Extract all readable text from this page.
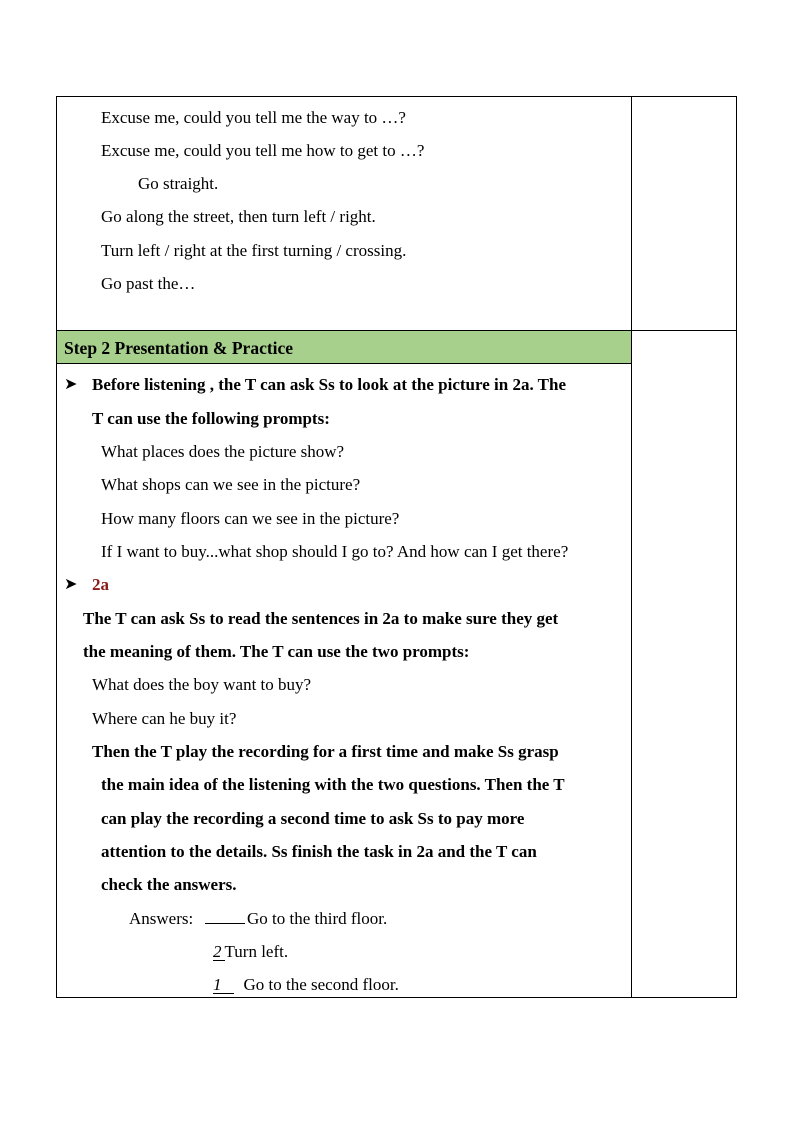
Excuse me, could you tell me the way to …?
Excuse me, could you tell me how to get to …?
Go straight.
Go along the street, then turn left / right.
Turn left / right at the first turning / crossing.
Go past the…
Step 2 Presentation & Practice
➤ Before listening , the T can ask Ss to look at the picture in 2a. The
T can use the following prompts:
What places does the picture show?
What shops can we see in the picture?
How many floors can we see in the picture?
If I want to buy...what shop should I go to? And how can I get there?
➤ 2a
The T can ask Ss to read the sentences in 2a to make sure they get
the meaning of them. The T can use the two prompts:
What does the boy want to buy?
Where can he buy it?
Then the T play the recording for a first time and make Ss grasp
the main idea of the listening with the two questions. Then the T
can play the recording a second time to ask Ss to pay more
attention to the details. Ss finish the task in 2a and the T can
check the answers.
Answers:	Go to the third floor.
2 Turn left.
1 Go to the second floor.
